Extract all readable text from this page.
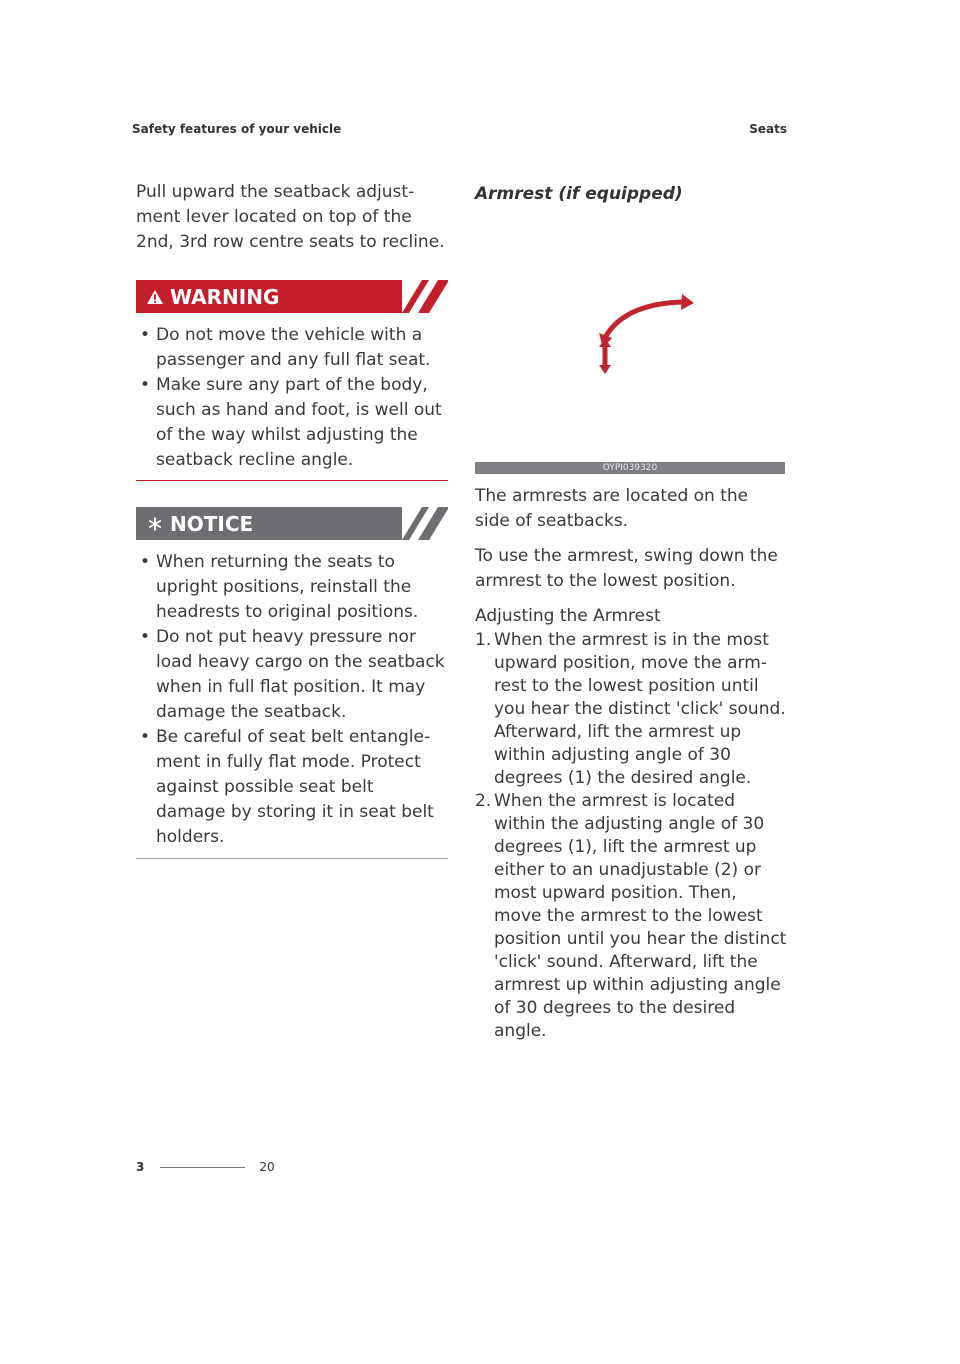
Safety features of your vehicle	Seats

Pull upward the seatback adjust-ment lever located on top of the 2nd, 3rd row centre seats to recline.

WARNING
• Do not move the vehicle with a passenger and any full flat seat.
• Make sure any part of the body, such as hand and foot, is well out of the way whilst adjusting the seatback recline angle.
NOTICE
• When returning the seats to upright positions, reinstall the headrests to original positions.
• Do not put heavy pressure nor load heavy cargo on the seatback when in full flat position. It may damage the seatback.
• Be careful of seat belt entangle-ment in fully flat mode. Protect against possible seat belt damage by storing it in seat belt holders.

Armrest (if equipped)

OYPI039320

The armrests are located on the side of seatbacks.

To use the armrest, swing down the armrest to the lowest position.

Adjusting the Armrest

1. When the armrest is in the most upward position, move the arm-rest to the lowest position until you hear the distinct 'click' sound. Afterward, lift the armrest up within adjusting angle of 30 degrees (1) the desired angle.
2. When the armrest is located within the adjusting angle of 30 degrees (1), lift the armrest up either to an unadjustable (2) or most upward position. Then, move the armrest to the lowest position until you hear the distinct 'click' sound. Afterward, lift the armrest up within adjusting angle of 30 degrees to the desired angle.
3	20
